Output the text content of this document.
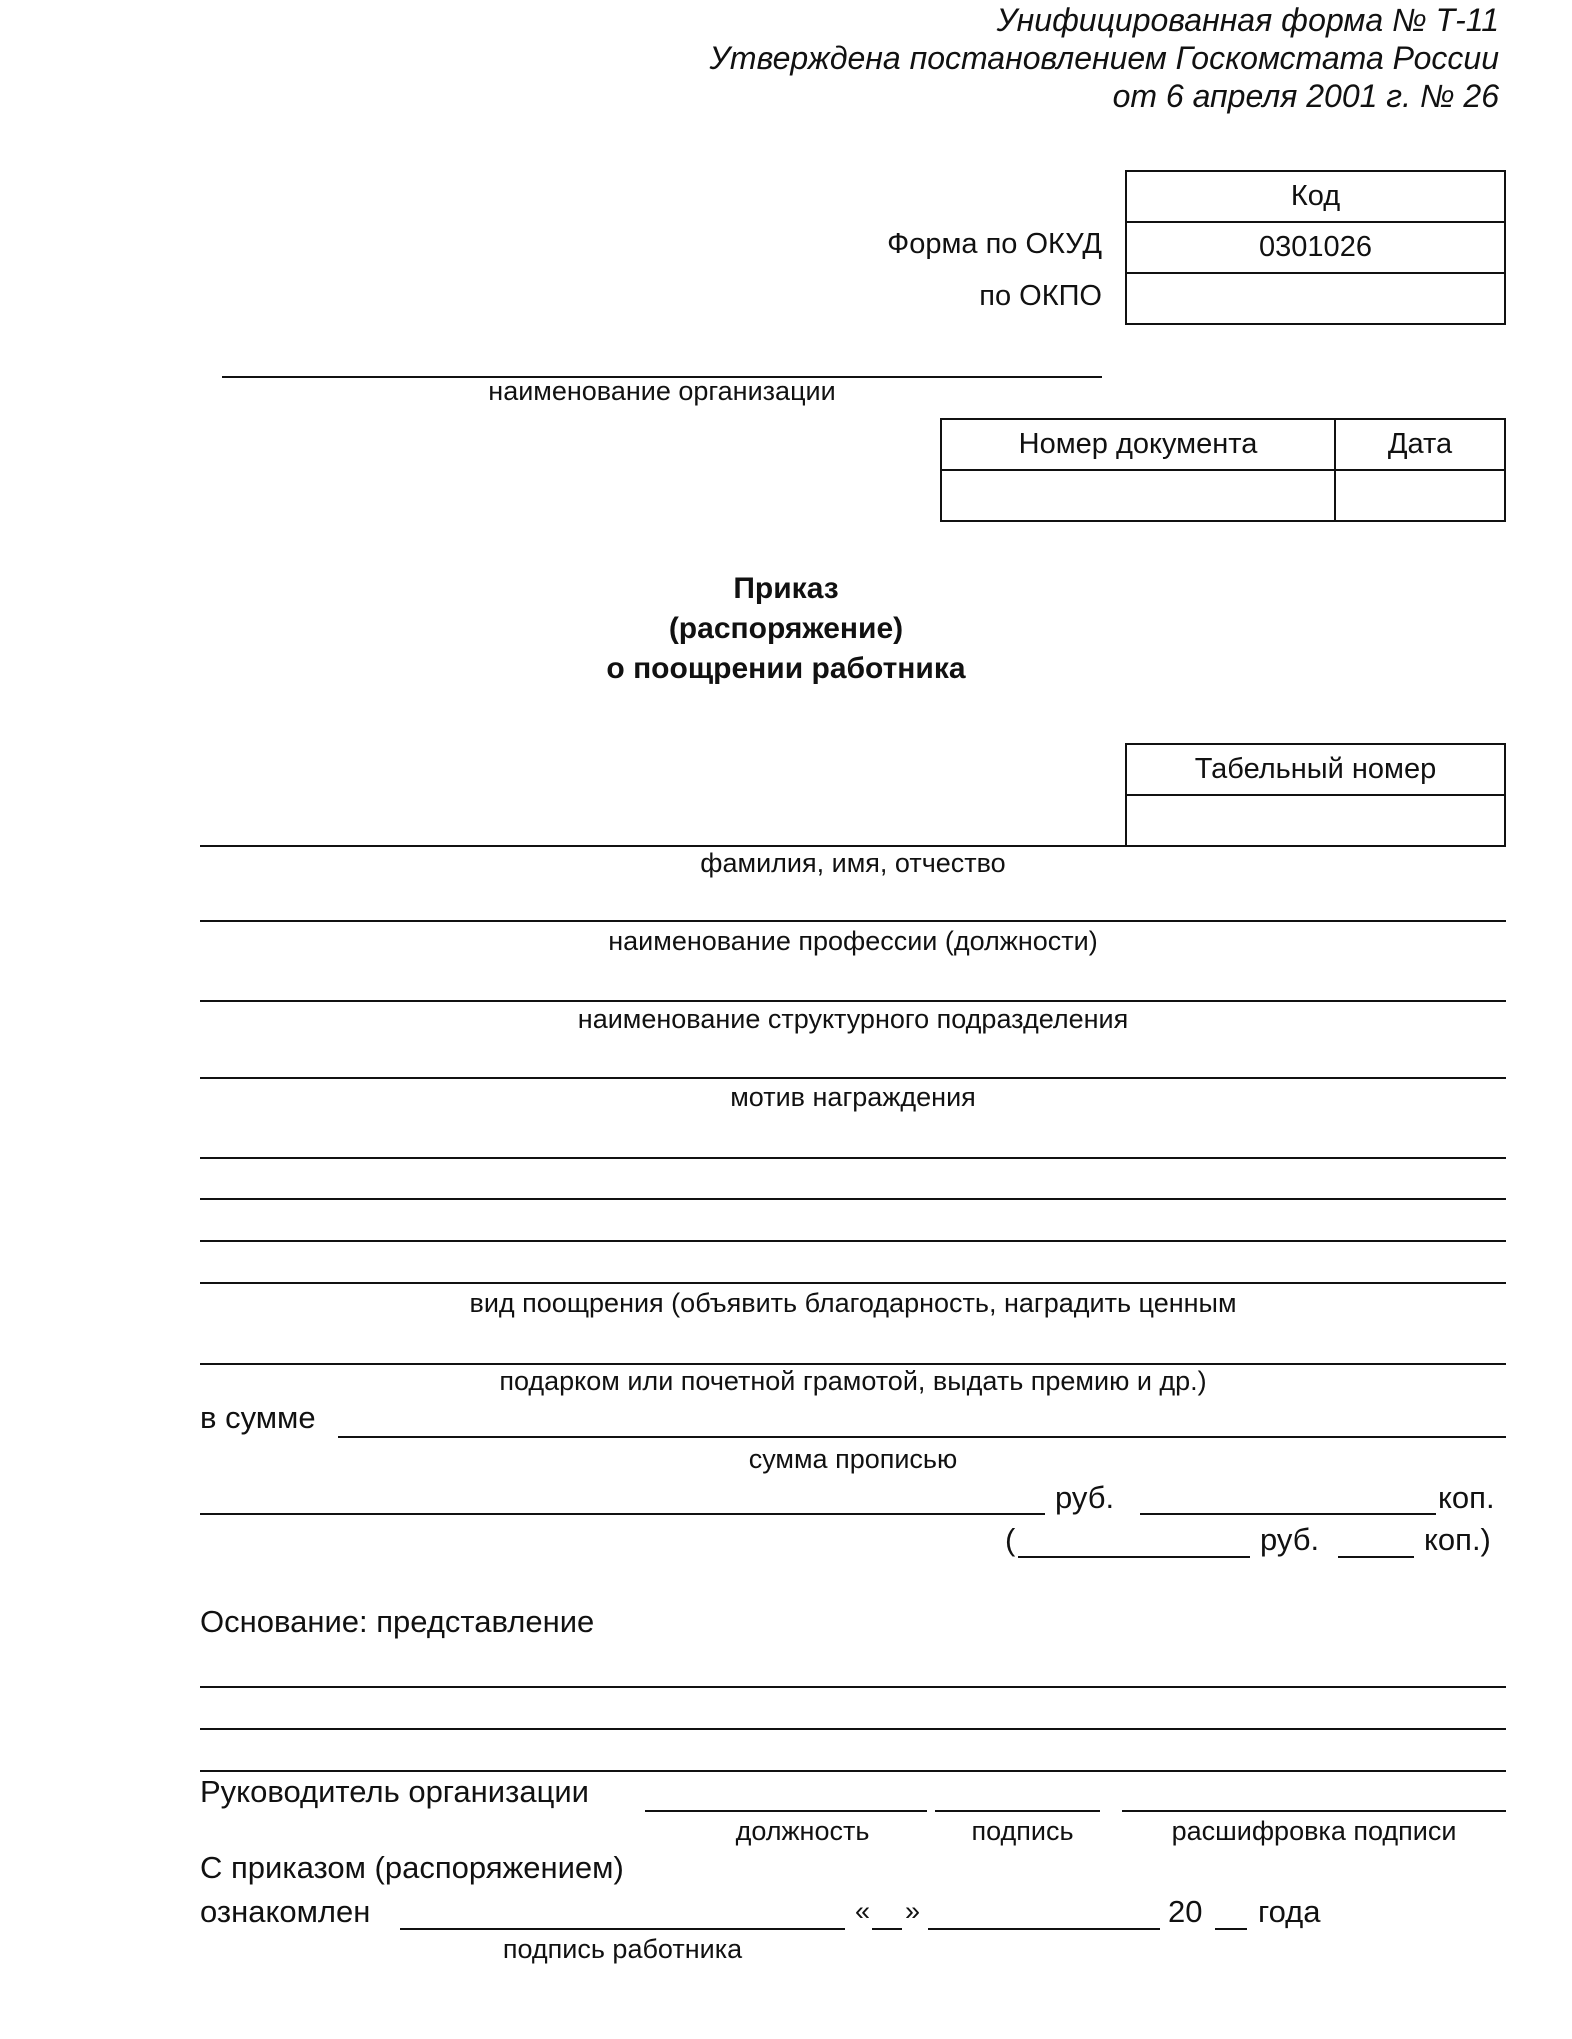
Унифицированная форма № Т-11
Утверждена постановлением Госкомстата России
от 6 апреля 2001 г. № 26
Код
0301026

Форма по ОКУД
по ОКПО
наименование организации
Номер документа	Дата

Приказ
(распоряжение)
о поощрении работника
Табельный номер

фамилия, имя, отчество
наименование профессии (должности)
наименование структурного подразделения
мотив награждения
вид поощрения (объявить благодарность, наградить ценным
подарком или почетной грамотой, выдать премию и др.)
в сумме
сумма прописью
руб.	коп.
(	руб.	коп.)
Основание: представление
Руководитель организации
должность	подпись	расшифровка подписи
С приказом (распоряжением)
ознакомлен	« »	20 года
подпись работника
